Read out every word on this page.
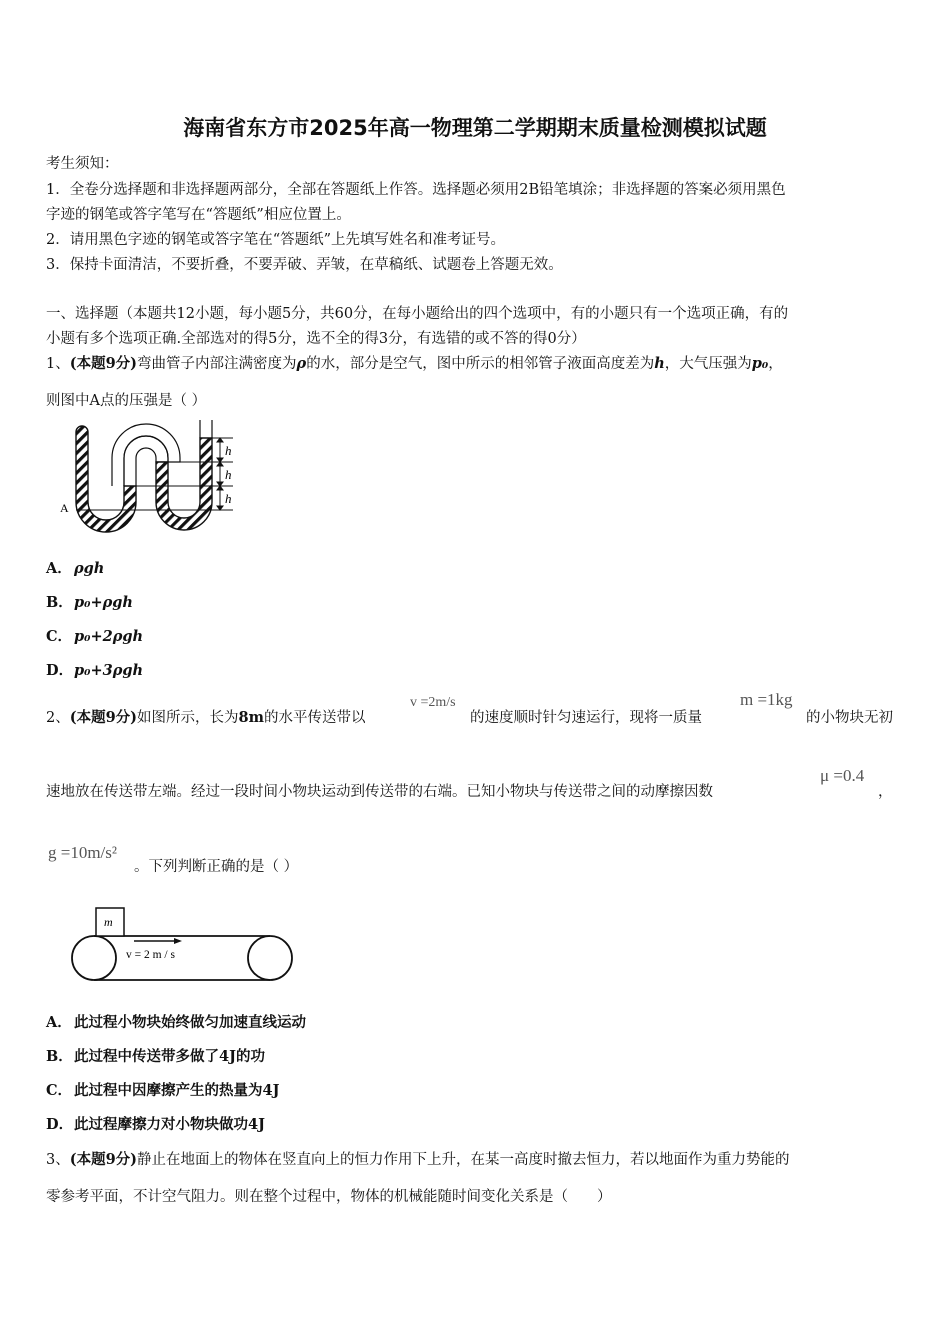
海南省东方市2025年高一物理第二学期期末质量检测模拟试题
考生须知：
1．全卷分选择题和非选择题两部分，全部在答题纸上作答。选择题必须用2B铅笔填涂；非选择题的答案必须用黑色
字迹的钢笔或答字笔写在“答题纸”相应位置上。
2．请用黑色字迹的钢笔或答字笔在“答题纸”上先填写姓名和准考证号。
3．保持卡面清洁，不要折叠，不要弄破、弄皱，在草稿纸、试题卷上答题无效。
一、选择题（本题共12小题，每小题5分，共60分，在每小题给出的四个选项中，有的小题只有一个选项正确，有的
小题有多个选项正确.全部选对的得5分，选不全的得3分，有选错的或不答的得0分）
1、(本题9分)弯曲管子内部注满密度为ρ的水，部分是空气，图中所示的相邻管子液面高度差为h，大气压强为p₀，
则图中A点的压强是（ ）
h
h
h
A
A． ρgh
B．p₀+ρgh
C． p₀+2ρgh
D．p₀+3ρgh
2、(本题9分)如图所示，长为8m的水平传送带以
v =2m/s
的速度顺时针匀速运行，现将一质量
m =1kg
的小物块无初
速地放在传送带左端。经过一段时间小物块运动到传送带的右端。已知小物块与传送带之间的动摩擦因数
μ =0.4
，
g =10m/s²
。下列判断正确的是（ ）
m
v = 2 m / s
A． 此过程小物块始终做匀加速直线运动
B．此过程中传送带多做了4J的功
C． 此过程中因摩擦产生的热量为4J
D．此过程摩擦力对小物块做功4J
3、(本题9分)静止在地面上的物体在竖直向上的恒力作用下上升，在某一高度时撤去恒力，若以地面作为重力势能的
零参考平面，不计空气阻力。则在整个过程中，物体的机械能随时间变化关系是（　　）
